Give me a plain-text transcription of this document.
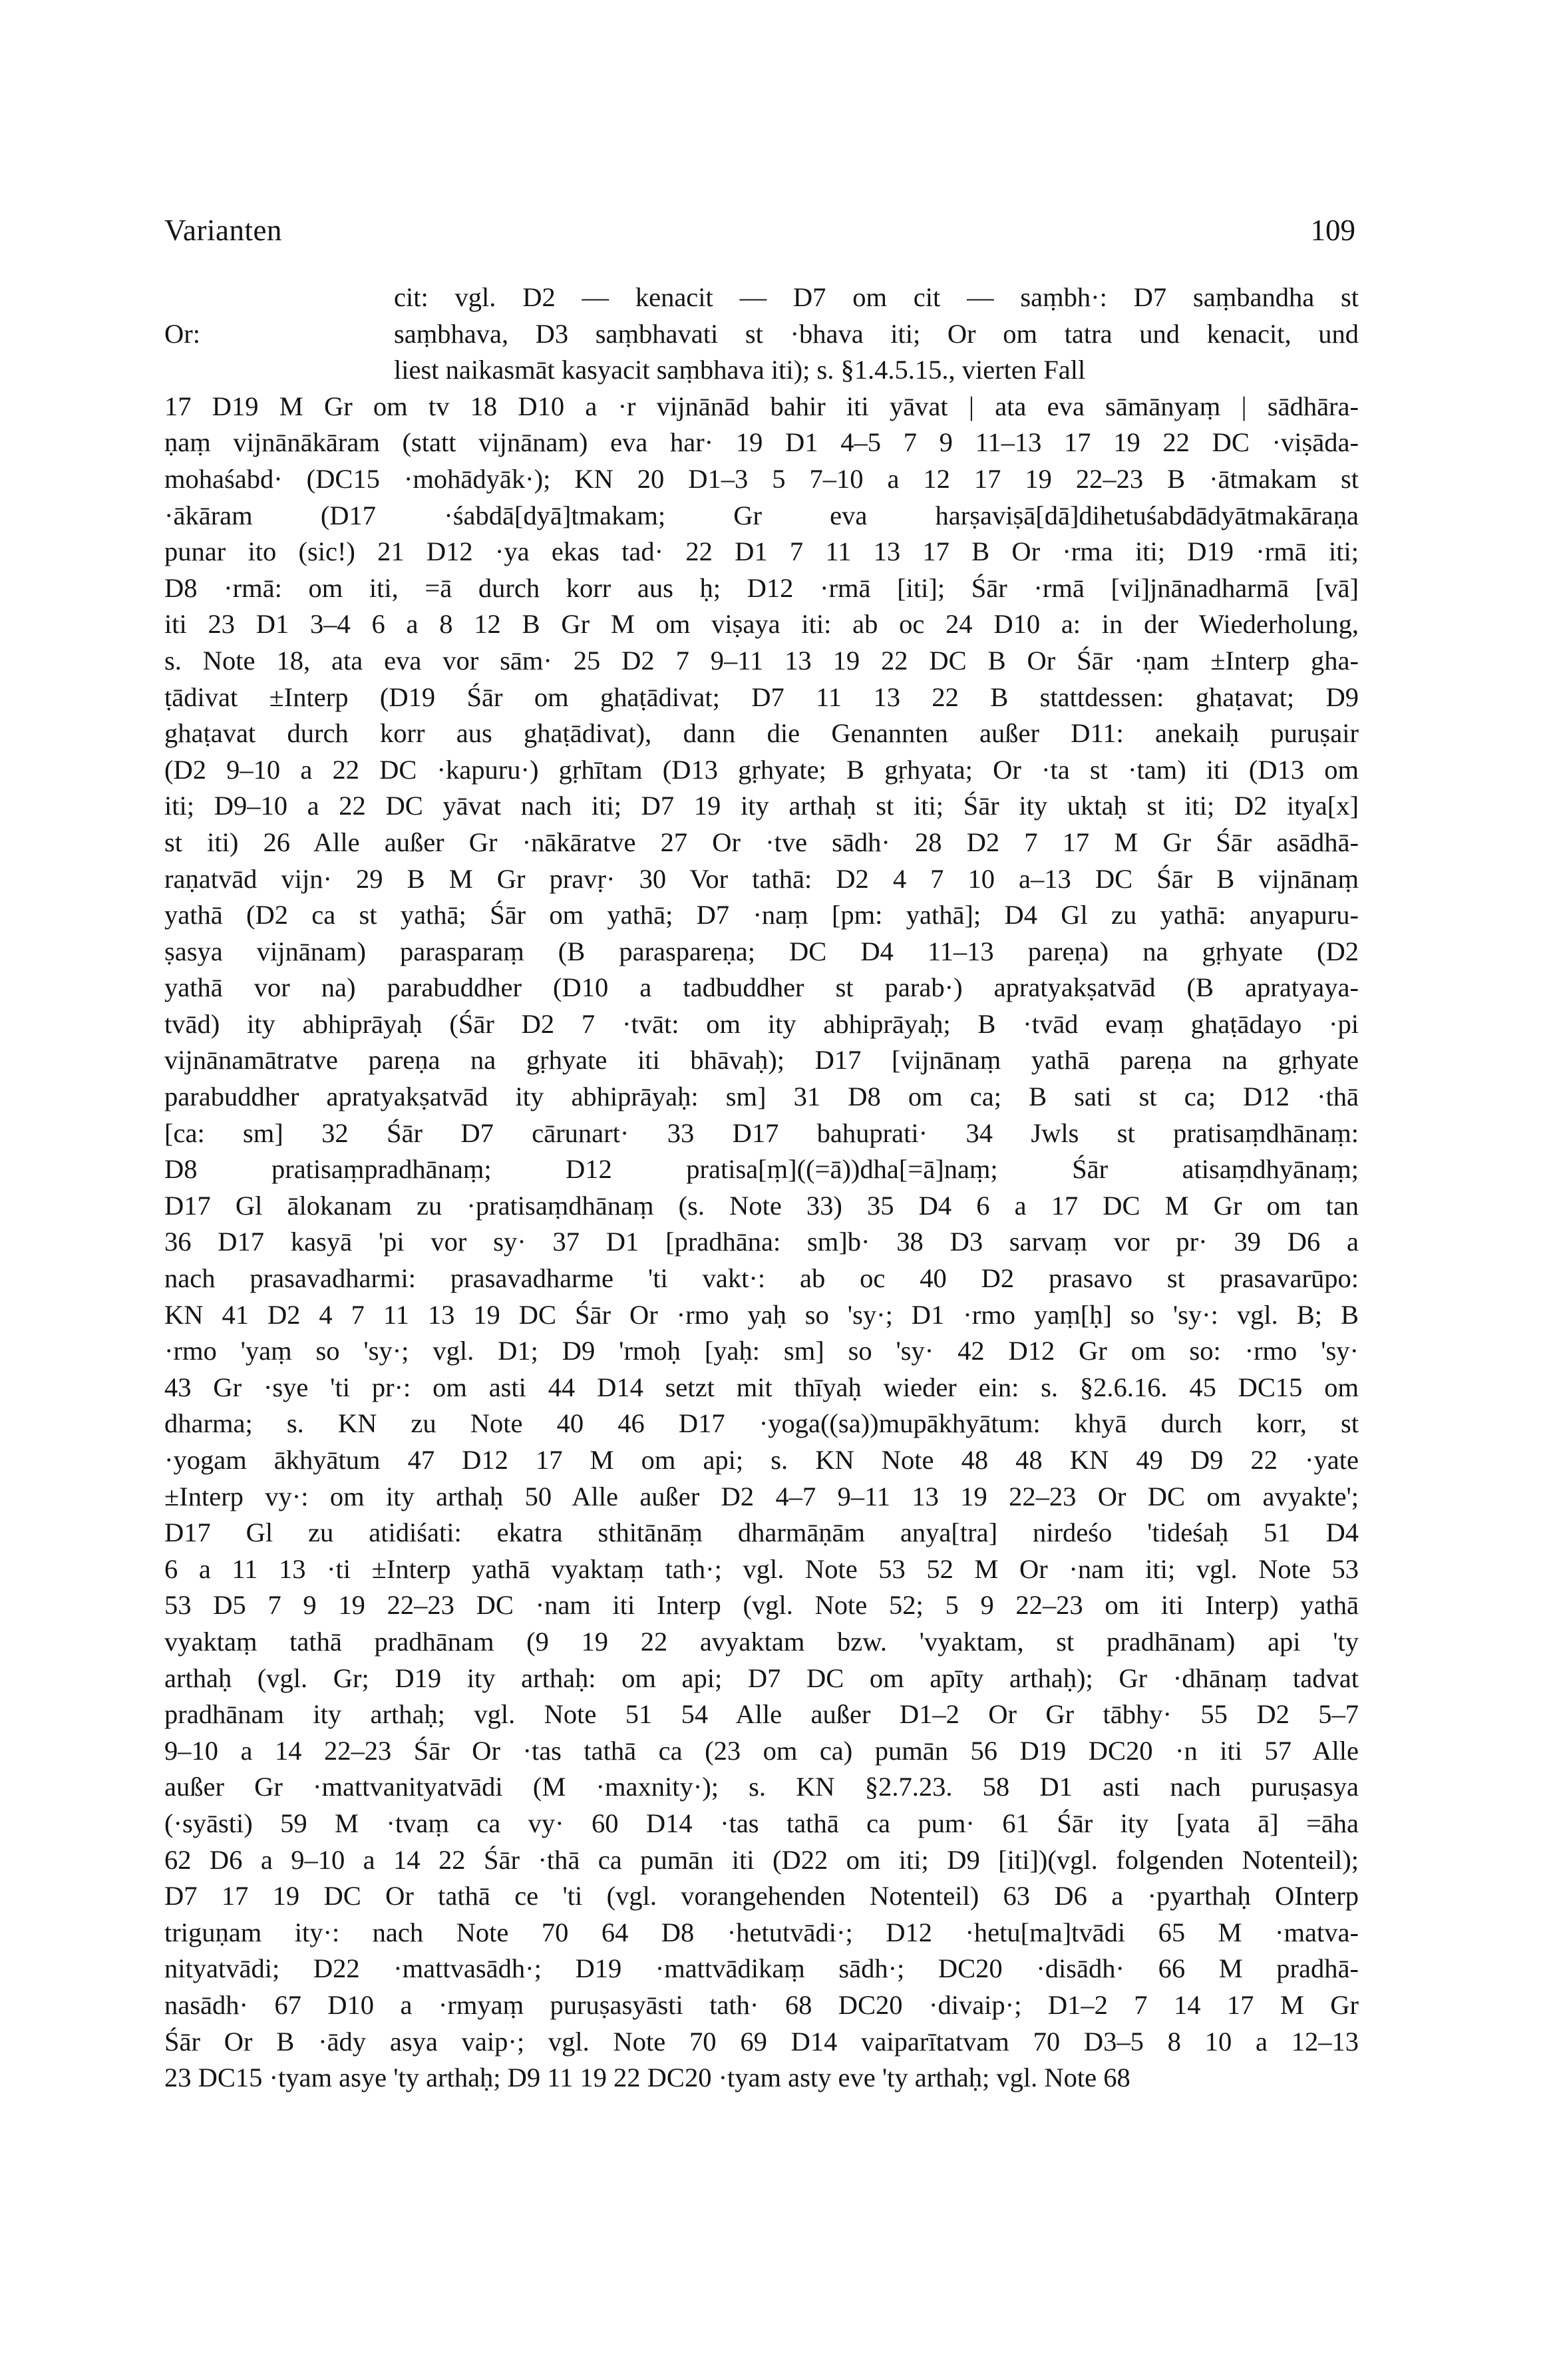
Varianten	109
Or:
cit: vgl. D2 — kenacit — D7 om cit — saṃbh·: D7 saṃbandha st
saṃbhava, D3 saṃbhavati st ·bhava iti; Or om tatra und kenacit, und
liest naikasmāt kasyacit saṃbhava iti); s. §1.4.5.15., vierten Fall

17 D19 M Gr om tv 18 D10 a ·r vijnānād bahir iti yāvat | ata eva sāmānyaṃ | sādhāra-

ṇaṃ vijnānākāram (statt vijnānam) eva har· 19 D1 4–5 7 9 11–13 17 19 22 DC ·viṣāda-

mohaśabd· (DC15 ·mohādyāk·); KN 20 D1–3 5 7–10 a 12 17 19 22–23 B ·ātmakam st

·ākāram (D17 ·śabdā[dyā]tmakam; Gr eva harṣaviṣā[dā]dihetuśabdādyātmakāraṇa

punar ito (sic!) 21 D12 ·ya ekas tad· 22 D1 7 11 13 17 B Or ·rma iti; D19 ·rmā iti;

D8 ·rmā: om iti, =ā durch korr aus ḥ; D12 ·rmā [iti]; Śār ·rmā [vi]jnānadharmā [vā]

iti 23 D1 3–4 6 a 8 12 B Gr M om viṣaya iti: ab oc 24 D10 a: in der Wiederholung,

s. Note 18, ata eva vor sām· 25 D2 7 9–11 13 19 22 DC B Or Śār ·ṇam ±Interp gha-

ṭādivat ±Interp (D19 Śār om ghaṭādivat; D7 11 13 22 B stattdessen: ghaṭavat; D9

ghaṭavat durch korr aus ghaṭādivat), dann die Genannten außer D11: anekaiḥ puruṣair

(D2 9–10 a 22 DC ·kapuru·) gṛhītam (D13 gṛhyate; B gṛhyata; Or ·ta st ·tam) iti (D13 om

iti; D9–10 a 22 DC yāvat nach iti; D7 19 ity arthaḥ st iti; Śār ity uktaḥ st iti; D2 itya[x]

st iti) 26 Alle außer Gr ·nākāratve 27 Or ·tve sādh· 28 D2 7 17 M Gr Śār asādhā-

raṇatvād vijn· 29 B M Gr pravṛ· 30 Vor tathā: D2 4 7 10 a–13 DC Śār B vijnānaṃ

yathā (D2 ca st yathā; Śār om yathā; D7 ·naṃ [pm: yathā]; D4 Gl zu yathā: anyapuru-

ṣasya vijnānam) parasparaṃ (B parasparеṇa; DC D4 11–13 pareṇa) na gṛhyate (D2

yathā vor na) parabuddher (D10 a tadbuddher st parab·) apratyakṣatvād (B apratyaya-

tvād) ity abhiprāyaḥ (Śār D2 7 ·tvāt: om ity abhiprāyaḥ; B ·tvād evaṃ ghaṭādayo ·pi

vijnānamātratve pareṇa na gṛhyate iti bhāvaḥ); D17 [vijnānaṃ yathā pareṇa na gṛhyate

parabuddher apratyakṣatvād ity abhiprāyaḥ: sm] 31 D8 om ca; B sati st ca; D12 ·thā

[ca: sm] 32 Śār D7 cārunart· 33 D17 bahuprati· 34 Jwls st pratisaṃdhānaṃ:

D8 pratisaṃpradhānaṃ; D12 pratisa[ṃ]((=ā))dha[=ā]naṃ; Śār atisaṃdhyānaṃ;

D17 Gl ālokanam zu ·pratisaṃdhānaṃ (s. Note 33) 35 D4 6 a 17 DC M Gr om tan

36 D17 kasyā 'pi vor sy· 37 D1 [pradhāna: sm]b· 38 D3 sarvaṃ vor pr· 39 D6 a

nach prasavadharmi: prasavadharme 'ti vakt·: ab oc 40 D2 prasavo st prasavarūpo:

KN 41 D2 4 7 11 13 19 DC Śār Or ·rmo yaḥ so 'sy·; D1 ·rmo yaṃ[ḥ] so 'sy·: vgl. B; B

·rmo 'yaṃ so 'sy·; vgl. D1; D9 'rmoḥ [yaḥ: sm] so 'sy· 42 D12 Gr om so: ·rmo 'sy·

43 Gr ·sye 'ti pr·: om asti 44 D14 setzt mit thīyaḥ wieder ein: s. §2.6.16. 45 DC15 om

dharma; s. KN zu Note 40 46 D17 ·yoga((sa))mupākhyātum: khyā durch korr, st

·yogam ākhyātum 47 D12 17 M om api; s. KN Note 48 48 KN 49 D9 22 ·yate

±Interp vy·: om ity arthaḥ 50 Alle außer D2 4–7 9–11 13 19 22–23 Or DC om avyakte';

D17 Gl zu atidiśati: ekatra sthitānāṃ dharmāṇām anya[tra] nirdeśo 'tideśaḥ 51 D4

6 a 11 13 ·ti ±Interp yathā vyaktaṃ tath·; vgl. Note 53 52 M Or ·nam iti; vgl. Note 53

53 D5 7 9 19 22–23 DC ·nam iti Interp (vgl. Note 52; 5 9 22–23 om iti Interp) yathā

vyaktaṃ tathā pradhānam (9 19 22 avyaktam bzw. 'vyaktam, st pradhānam) api 'ty

arthaḥ (vgl. Gr; D19 ity arthaḥ: om api; D7 DC om apīty arthaḥ); Gr ·dhānaṃ tadvat

pradhānam ity arthaḥ; vgl. Note 51 54 Alle außer D1–2 Or Gr tābhy· 55 D2 5–7

9–10 a 14 22–23 Śār Or ·tas tathā ca (23 om ca) pumān 56 D19 DC20 ·n iti 57 Alle

außer Gr ·mattvanityatvādi (M ·maxnity·); s. KN §2.7.23. 58 D1 asti nach puruṣasya

(·syāsti) 59 M ·tvaṃ ca vy· 60 D14 ·tas tathā ca pum· 61 Śār ity [yata ā] =āha

62 D6 a 9–10 a 14 22 Śār ·thā ca pumān iti (D22 om iti; D9 [iti])(vgl. folgenden Notenteil);

D7 17 19 DC Or tathā ce 'ti (vgl. vorangehenden Notenteil) 63 D6 a ·pyarthaḥ OInterp

triguṇam ity·: nach Note 70 64 D8 ·hetutvādi·; D12 ·hetu[ma]tvādi 65 M ·matva-

nityatvādi; D22 ·mattvasādh·; D19 ·mattvādikaṃ sādh·; DC20 ·disādh· 66 M pradhā-

nasādh· 67 D10 a ·rmyaṃ puruṣasyāsti tath· 68 DC20 ·divaip·; D1–2 7 14 17 M Gr

Śār Or B ·ādy asya vaip·; vgl. Note 70 69 D14 vaiparītatvam 70 D3–5 8 10 a 12–13

23 DC15 ·tyam asye 'ty arthaḥ; D9 11 19 22 DC20 ·tyam asty eve 'ty arthaḥ; vgl. Note 68
